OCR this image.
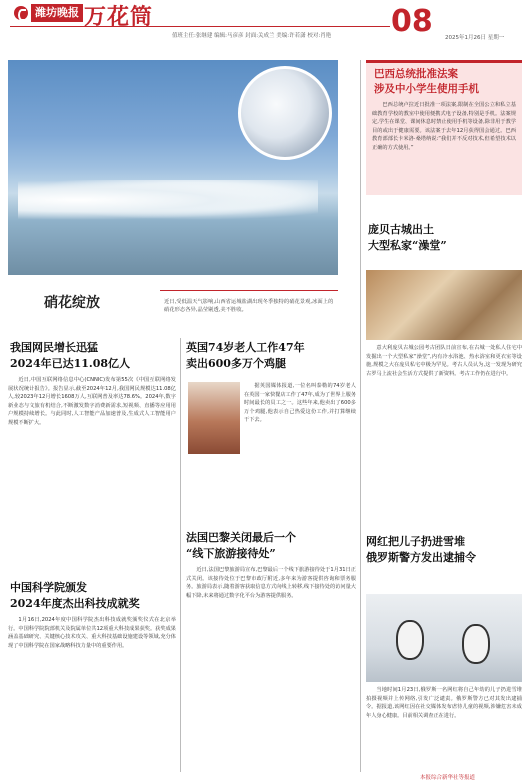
潍坊晚报 万花筒
值班主任:张继建 编辑:马彦彦 封面:关成兰 美编:许若潇 校对:肖艳 08 2025年1月26日 星期一
硝花绽放	近日,受低温天气影响,山西省运城盐湖出现冬季独特的硝花景观,冰面上的硝花形态各异,晶莹剔透,美不胜收。
巴西总统批准法案
涉及中小学生使用手机
巴西总统卢拉近日批准一项法案,限制在全国公立和私立基础教育学校的教室中使用便携式电子设备,特别是手机。法案规定,学生在课堂、课间休息时禁止使用手机等设备,除非用于教学目的或出于健康需要。该法案于去年12月获得国会通过。巴西教育部部长卡米洛·桑塔纳说:“我们并不反对技术,但希望技术以正确的方式使用。”
庞贝古城出土
大型私家“澡堂”
意大利庞贝古城公园考古团队日前宣布,在古城一处私人住宅中发掘出一个大型私家“澡堂”,内有冷水浴池、热水浴室和更衣室等设施,规模之大在庞贝私宅中极为罕见。考古人员认为,这一发现为研究古罗马上流社会生活方式提供了新资料。考古工作仍在进行中。
网红把儿子扔进雪堆
俄罗斯警方发出逮捕令
当地时间1月23日,俄罗斯一名网红将自己年幼的儿子扔进雪堆拍摄视频并上传网络,引发广泛谴责。俄罗斯警方已对其发出逮捕令。据报道,该网红因在社交媒体发布虐待儿童的视频,涉嫌危害未成年人身心健康。目前相关调查正在进行。
我国网民增长迅猛
2024年已达11.08亿人
近日,中国互联网络信息中心(CNNIC)发布第55次《中国互联网络发展状况统计报告》。报告显示,截至2024年12月,我国网民规模达11.08亿人,较2023年12月增长1608万人,互联网普及率达78.6%。2024年,数字新业态与文旅有机结合,不断激发数字消费新需求,短视频、直播等应用用户规模持续增长。与此同时,人工智能产品加速普及,生成式人工智能用户规模不断扩大。
中国科学院颁发
2024年度杰出科技成就奖
1月16日,2024年度中国科学院杰出科技成就奖颁奖仪式在北京举行。中国科学院院部机关及院属单位共12项重大科技成果获奖。获奖成果涵盖基础研究、关键核心技术攻关、重大科技基础设施建设等领域,充分体现了中国科学院在国家战略科技力量中的重要作用。
英国74岁老人工作47年
卖出600多万个鸡腿
据英国媒体报道,一位名叫泰勒的74岁老人在英国一家快餐店工作了47年,成为了世界上服务时间最长的员工之一。这些年来,他卖出了600多万个鸡腿,他表示自己热爱这份工作,并打算继续干下去。
法国巴黎关闭最后一个
“线下旅游接待处”
近日,法国巴黎旅游局宣布,巴黎最后一个线下旅游接待处于1月31日正式关闭。该接待处位于巴黎市政厅附近,多年来为游客提供咨询和票务服务。旅游局表示,随着游客获取信息方式向线上转移,线下接待处的访问量大幅下降,未来将通过数字化平台为游客提供服务。
本报综合新华社等报道
